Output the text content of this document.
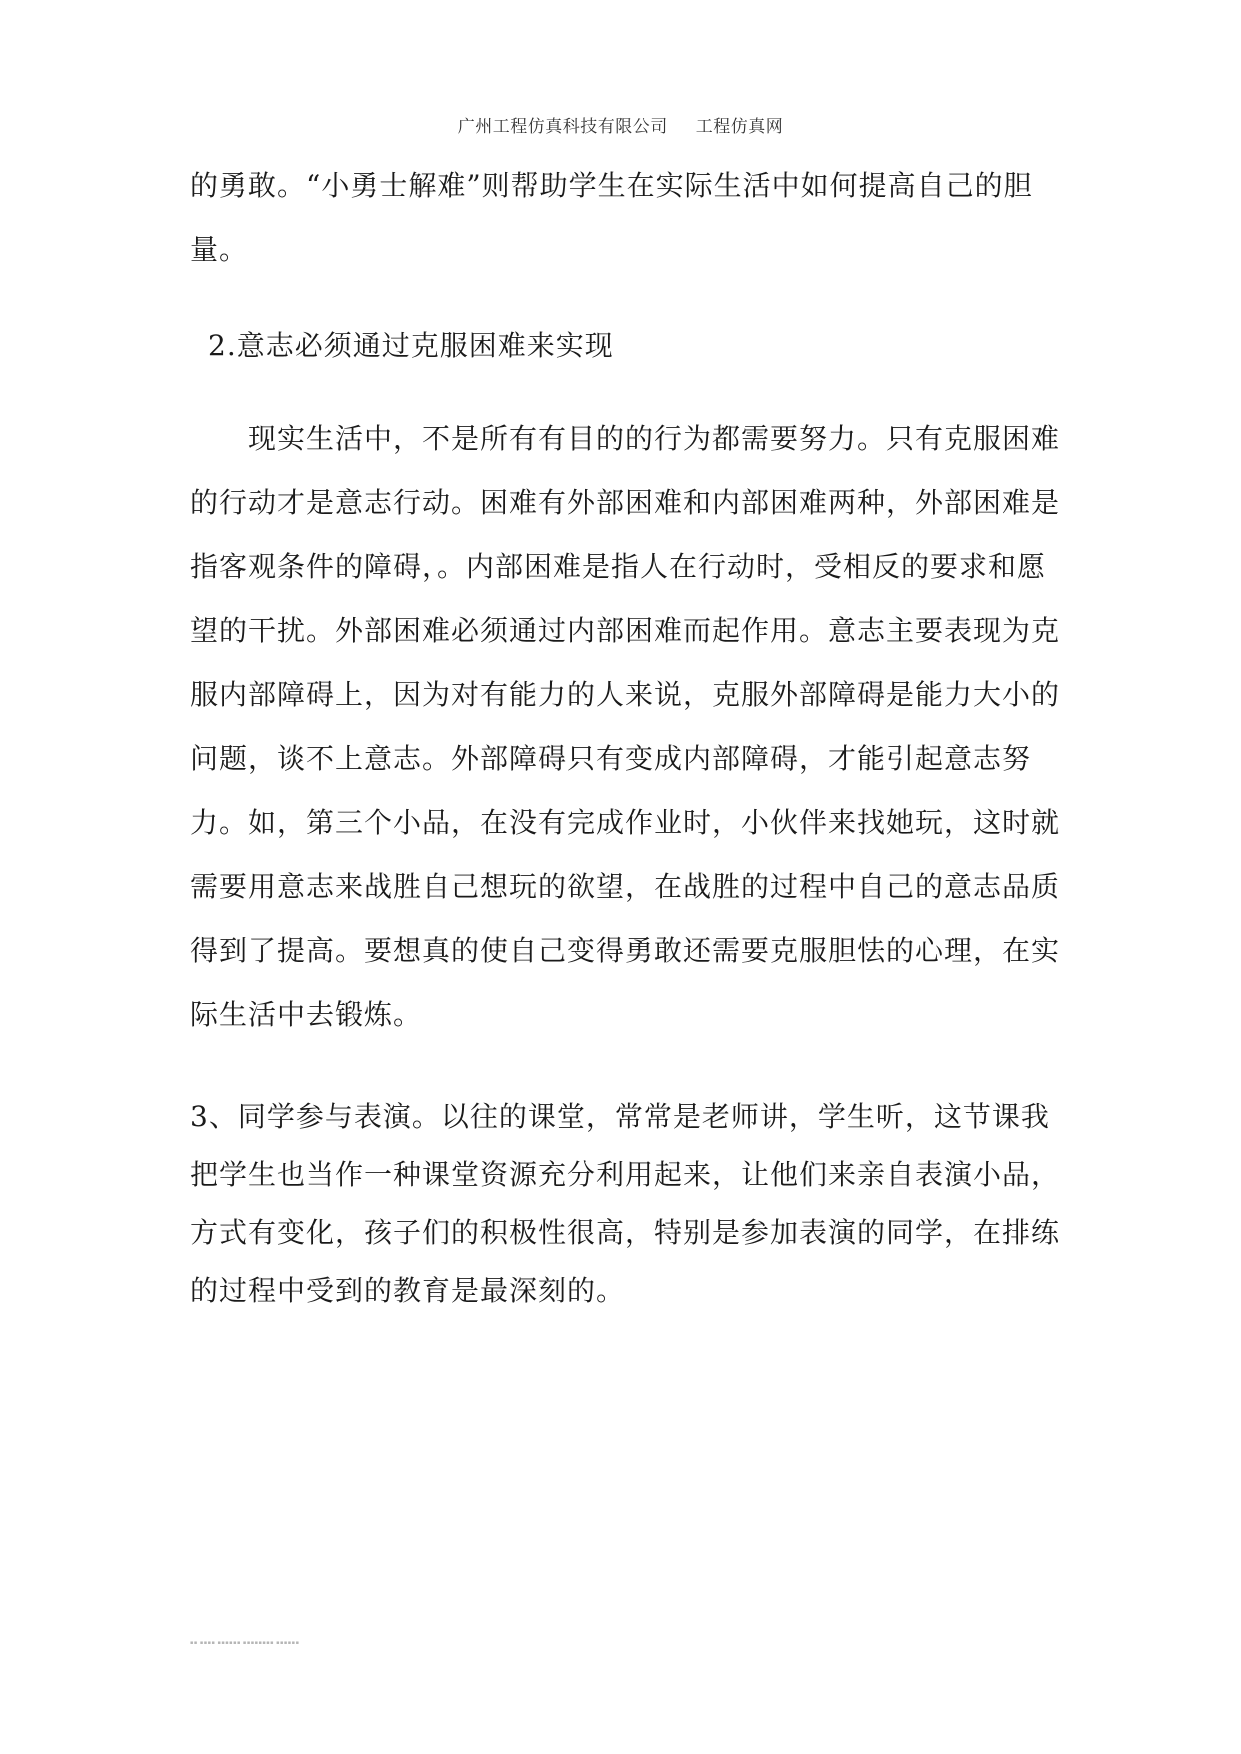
广州工程仿真科技有限公司 工程仿真网
的勇敢。“小勇士解难”则帮助学生在实际生活中如何提高自己的胆量。
2.意志必须通过克服困难来实现
现实生活中，不是所有有目的的行为都需要努力。只有克服困难的行动才是意志行动。困难有外部困难和内部困难两种，外部困难是指客观条件的障碍，。内部困难是指人在行动时，受相反的要求和愿望的干扰。外部困难必须通过内部困难而起作用。意志主要表现为克服内部障碍上，因为对有能力的人来说，克服外部障碍是能力大小的问题，谈不上意志。外部障碍只有变成内部障碍，才能引起意志努力。如，第三个小品，在没有完成作业时，小伙伴来找她玩，这时就需要用意志来战胜自己想玩的欲望，在战胜的过程中自己的意志品质得到了提高。要想真的使自己变得勇敢还需要克服胆怯的心理，在实际生活中去锻炼。
3、同学参与表演。以往的课堂，常常是老师讲，学生听，这节课我把学生也当作一种课堂资源充分利用起来，让他们来亲自表演小品，方式有变化，孩子们的积极性很高，特别是参加表演的同学，在排练的过程中受到的教育是最深刻的。
▪▪ ▪▪▪▪ ▪▪▪▪▪▪ ▪▪▪▪▪▪▪▪ ▪▪▪▪▪▪
